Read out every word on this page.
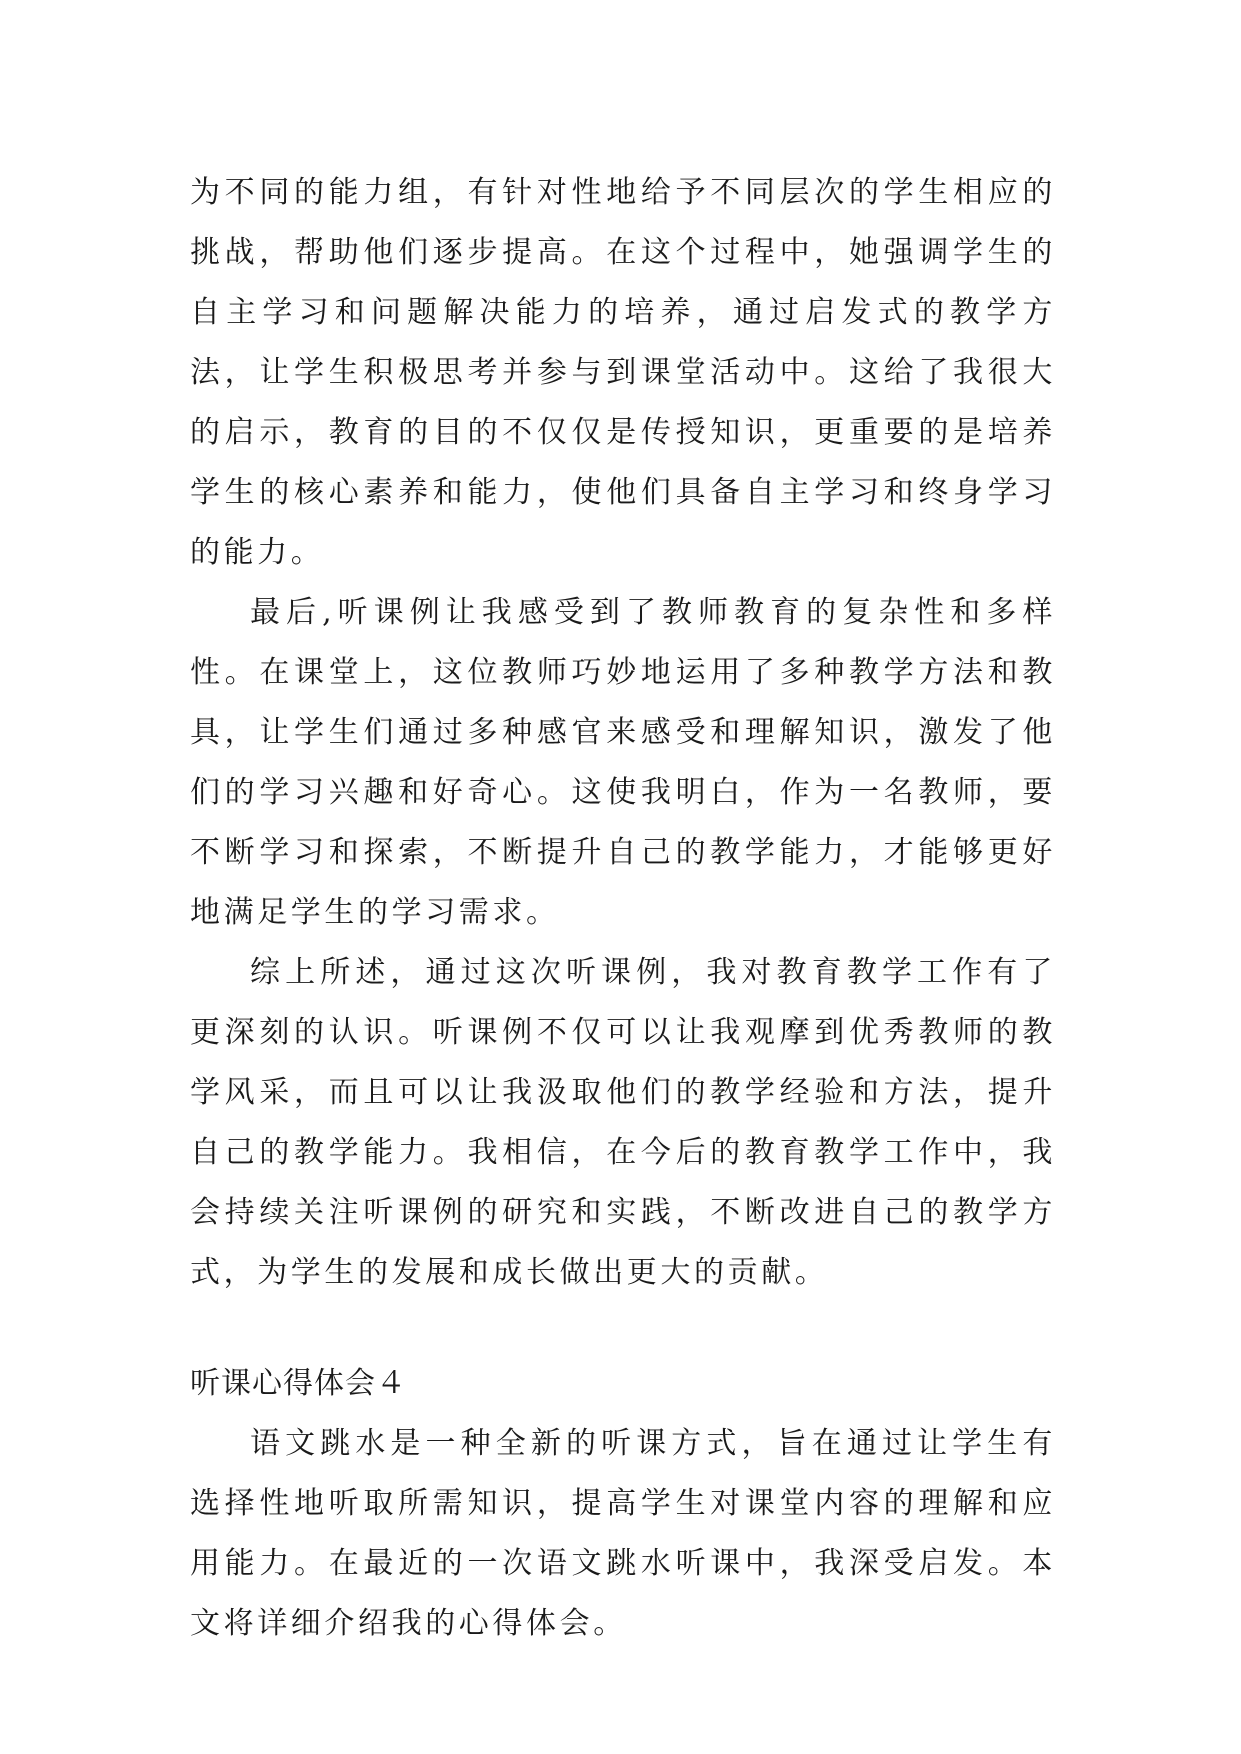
为不同的能力组，有针对性地给予不同层次的学生相应的挑战，帮助他们逐步提高。在这个过程中，她强调学生的自主学习和问题解决能力的培养，通过启发式的教学方法，让学生积极思考并参与到课堂活动中。这给了我很大的启示，教育的目的不仅仅是传授知识，更重要的是培养学生的核心素养和能力，使他们具备自主学习和终身学习的能力。

最后,听课例让我感受到了教师教育的复杂性和多样性。在课堂上，这位教师巧妙地运用了多种教学方法和教具，让学生们通过多种感官来感受和理解知识，激发了他们的学习兴趣和好奇心。这使我明白，作为一名教师，要不断学习和探索，不断提升自己的教学能力，才能够更好地满足学生的学习需求。

综上所述，通过这次听课例，我对教育教学工作有了更深刻的认识。听课例不仅可以让我观摩到优秀教师的教学风采，而且可以让我汲取他们的教学经验和方法，提升自己的教学能力。我相信，在今后的教育教学工作中，我会持续关注听课例的研究和实践，不断改进自己的教学方式，为学生的发展和成长做出更大的贡献。

听课心得体会４

语文跳水是一种全新的听课方式，旨在通过让学生有选择性地听取所需知识，提高学生对课堂内容的理解和应用能力。在最近的一次语文跳水听课中，我深受启发。本文将详细介绍我的心得体会。
